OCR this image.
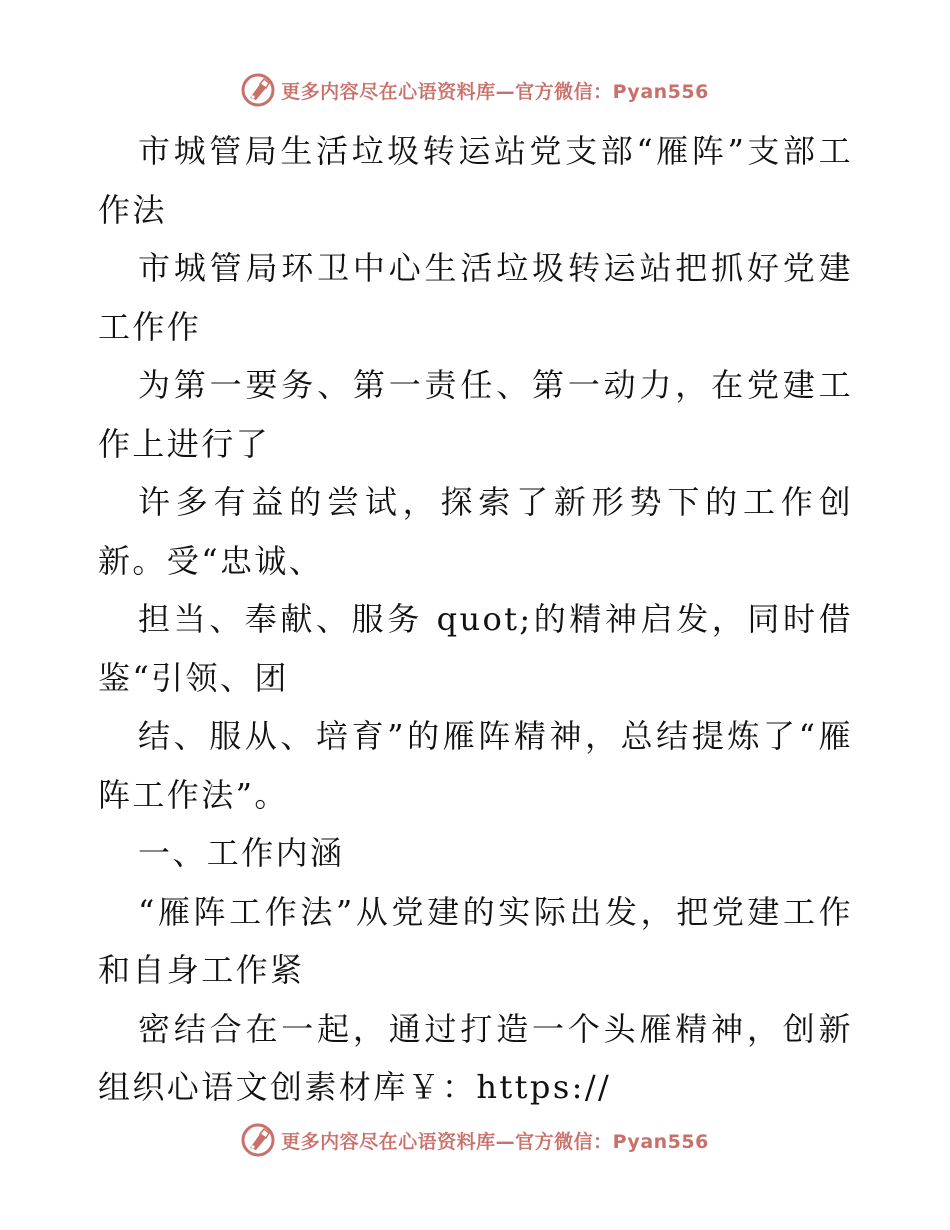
更多内容尽在心语资料库—官方微信：Pyan556

市城管局生活垃圾转运站党支部“雁阵”支部工作法

市城管局环卫中心生活垃圾转运站把抓好党建工作作

为第一要务、第一责任、第一动力，在党建工作上进行了

许多有益的尝试，探索了新形势下的工作创新。受“忠诚、

担当、奉献、服务 quot;的精神启发，同时借鉴“引领、团

结、服从、培育”的雁阵精神，总结提炼了“雁阵工作法”。

一、工作内涵

“雁阵工作法”从党建的实际出发，把党建工作和自身工作紧

密结合在一起，通过打造一个头雁精神，创新组织心语文创素材库￥：https://

更多内容尽在心语资料库—官方微信：Pyan556
